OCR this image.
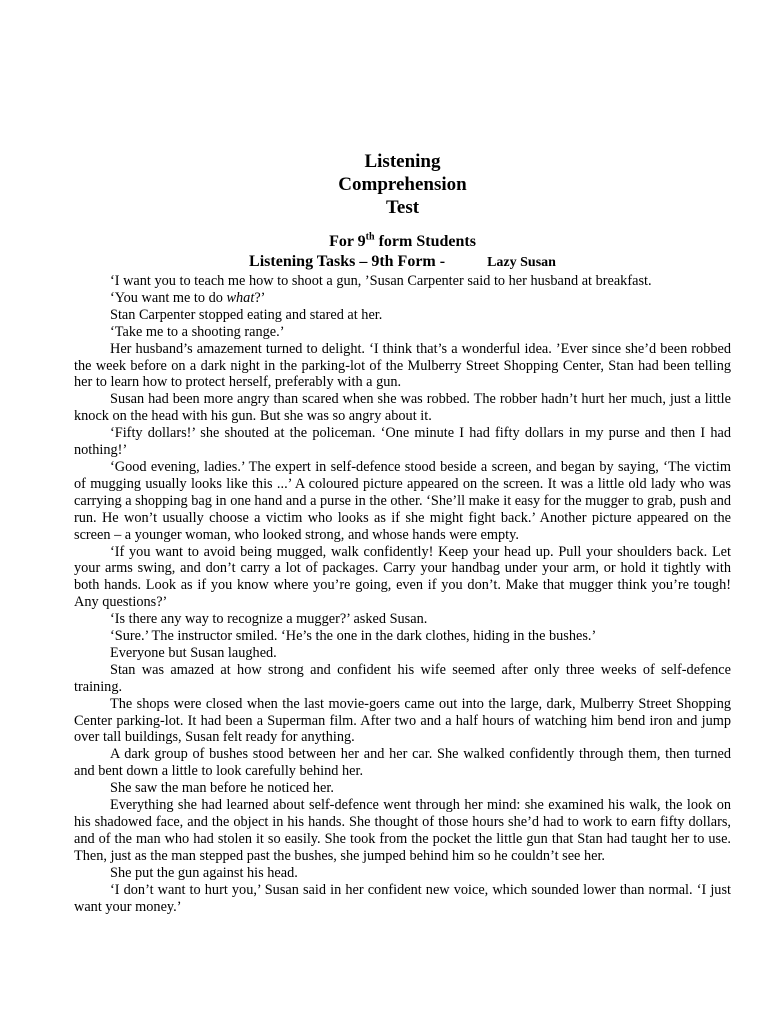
Listening
Comprehension
Test
For 9th form Students
Listening Tasks – 9th Form -	Lazy Susan

‘I want you to teach me how to shoot a gun, ’Susan Carpenter said to her husband at breakfast.

‘You want me to do what?’

Stan Carpenter stopped eating and stared at her.

‘Take me to a shooting range.’

Her husband’s amazement turned to delight. ‘I think that’s a wonderful idea. ’Ever since she’d been robbed the week before on a dark night in the parking-lot of the Mulberry Street Shopping Center, Stan had been telling her to learn how to protect herself, preferably with a gun.

Susan had been more angry than scared when she was robbed. The robber hadn’t hurt her much, just a little knock on the head with his gun. But she was so angry about it.

‘Fifty dollars!’ she shouted at the policeman. ‘One minute I had fifty dollars in my purse and then I had nothing!’

‘Good evening, ladies.’ The expert in self-defence stood beside a screen, and began by saying, ‘The victim of mugging usually looks like this ...’ A coloured picture appeared on the screen. It was a little old lady who was carrying a shopping bag in one hand and a purse in the other. ‘She’ll make it easy for the mugger to grab, push and run. He won’t usually choose a victim who looks as if she might fight back.’ Another picture appeared on the screen – a younger woman, who looked strong, and whose hands were empty.

‘If you want to avoid being mugged, walk confidently! Keep your head up. Pull your shoulders back. Let your arms swing, and don’t carry a lot of packages. Carry your handbag under your arm, or hold it tightly with both hands. Look as if you know where you’re going, even if you don’t. Make that mugger think you’re tough! Any questions?’

‘Is there any way to recognize a mugger?’ asked Susan.

‘Sure.’ The instructor smiled. ‘He’s the one in the dark clothes, hiding in the bushes.’

Everyone but Susan laughed.

Stan was amazed at how strong and confident his wife seemed after only three weeks of self-defence training.

The shops were closed when the last movie-goers came out into the large, dark, Mulberry Street Shopping Center parking-lot. It had been a Superman film. After two and a half hours of watching him bend iron and jump over tall buildings, Susan felt ready for anything.

A dark group of bushes stood between her and her car. She walked confidently through them, then turned and bent down a little to look carefully behind her.

She saw the man before he noticed her.

Everything she had learned about self-defence went through her mind: she examined his walk, the look on his shadowed face, and the object in his hands. She thought of those hours she’d had to work to earn fifty dollars, and of the man who had stolen it so easily. She took from the pocket the little gun that Stan had taught her to use. Then, just as the man stepped past the bushes, she jumped behind him so he couldn’t see her.

She put the gun against his head.

‘I don’t want to hurt you,’ Susan said in her confident new voice, which sounded lower than normal. ‘I just want your money.’
